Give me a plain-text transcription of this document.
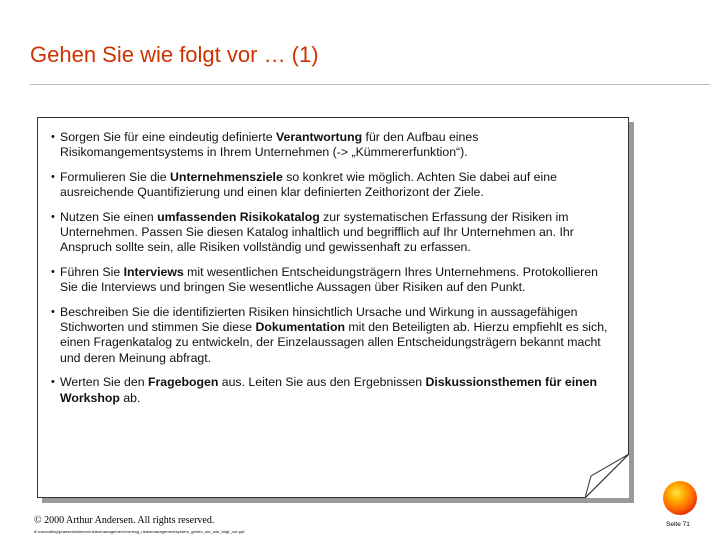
Gehen Sie wie folgt vor … (1)
• Sorgen Sie für eine eindeutig definierte Verantwortung für den Aufbau eines Risikomangementsystems in Ihrem Unternehmen (-> „Kümmererfunktion“).
• Formulieren Sie die Unternehmensziele so konkret wie möglich. Achten Sie dabei auf eine ausreichende Quantifizierung und einen klar definierten Zeithorizont der Ziele.
• Nutzen Sie einen umfassenden Risikokatalog zur systematischen Erfassung der Risiken im Unternehmen. Passen Sie diesen Katalog inhaltlich und begrifflich auf Ihr Unternehmen an. Ihr Anspruch sollte sein, alle Risiken vollständig und gewissenhaft zu erfassen.
• Führen Sie Interviews mit wesentlichen Entscheidungsträgern Ihres Unternehmens. Protokollieren Sie die Interviews und bringen Sie wesentliche Aussagen über Risiken auf den Punkt.
• Beschreiben Sie die identifizierten Risiken hinsichtlich Ursache und Wirkung in aussagefähigen Stichworten und stimmen Sie diese Dokumentation mit den Beteiligten ab. Hierzu empfiehlt es sich, einen Fragenkatalog zu entwickeln, der Einzelaussagen allen Entscheidungsträgern bekannt macht und deren Meinung abfragt.
• Werten Sie den Fragebogen aus. Leiten Sie aus den Ergebnissen Diskussionsthemen für einen Workshop ab.
© 2000 Arthur Andersen. All rights reserved.
d:\consulting\praesentationen\risikomanagement\vortrag_risikomanagementsystem_gehen_sie_wie_folgt_vor.ppt
Seite 71
